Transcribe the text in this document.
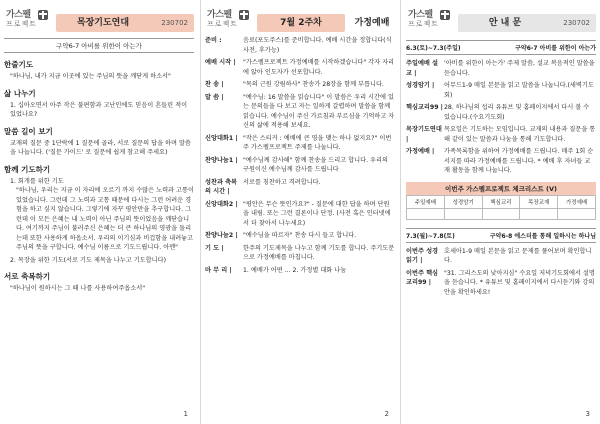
가스펠
프로젝트	목장기도연대	230702
구약6-7 아비를 위한이 아는가
한줄기도
"하나님, 내가 지금 이곳에 있는 주님의 뜻을 깨닫게 하소서"
삶 나누기
1. 십아오면서 아주 작은 불편함과 고난인에도 믿음이 흔들린 적이 있었나요?
말씀 길이 보기
교재의 질문 중 1단락에 1 질문에 골라, 서로 질문의 답을 하며 말씀을 나눕니다. ('질문 가이드' 로 질문에 쉽게 참고해 주세요)
함께 기도하기
1. 회개를 위한 기도
"하나님, 우리는 지금 이 자리에 오르기 까지 수많은 노력과 고통이 있었습니다. 그런데 그 노력과 고통 때문에 다시는 그런 어려운 경험을 하고 싶지 않습니다. 그렇기에 자꾸 평안만을 추구합니다. 그런데 이 모든 은혜는 내 노력이 아닌 주님의 뜻이었음을 깨닫습니다. 여기까지 주님이 불러주신 은혜는 더 큰 하나님의 영광을 돌리는데 또한 사용하게 하옵소서. 우리의 이기심과 비겁함을 내려놓고 주님의 뜻을 구합니다. 예수님 이름으로 기도드립니다. 아멘"
2. 목장을 위한 기도(서로 기도 제목을 나누고 기도합니다)
서로 축복하기
"하나님이 원하시는 그 때 나를 사용하여주옵소서"
1
가스펠
프로젝트	7월 2주차	가정예배
준비 :	음료(포도주스)를 준비합니다. 예배 시간을 정합니다(식사전, 후가능)
예배 시작 |	"가스펠프로젝트 가정예배를 시작하겠습니다" 각자 자리에 앉아 인도자가 선포합니다.
찬 송 |	"목의 근원 강림하사" 찬송가 28장을 함께 부릅니다.
말 씀 |	"예수님: 16 말씀을 읽습니다" 이 말씀은 우리 시간에 있는 문의들을 다 보고 자는 일하게 갈렵하며 말씀을 함께 읽습니다. 예수님이 주신 가르침과 부르심을 기억하고 자신의 삶에 적용해 보세요.
신앙대화1 | "작은 스티커 : 예배에 큰 영을 맺는 하나 없지요?" 이번 주 가스펠프로젝트 주제를 나눕니다.
찬양나눔1 | "예수님께 감사해" 함께 찬송을 드리고 합니다. 우리의 구원이신 예수님께 감사를 드립니다
성찬과 축복의 시간 |
서로를 칭찬하고 격려합니다.
신앙대화2 | "평안은 무슨 뜻인가요?" - 질문에 대한 답을 하며 단원을 내림. 또는 그런 결론이나 단정. (사전 혹은 인터넷에서 더 찾아서 나누세요)
찬양나눔2 | "예수님을 따르자" 찬송 다시 들고 합니다.
기 도 |	한주의 기도제목을 나누고 함께 기도를 합니다. 주기도문으로 가정예배를 마칩니다.
마 무 리 |	1. 예배가 어떤 ... 2. 가정별 대화 나눔
2
가스펠
프로젝트	안 내 문	230702
6.3(토)~7.3(주일)	구약6-7 아비를 위한이 아는가
주일예배 설교 |
'아비를 위한이 아는가' 주제 말씀, 설교 복음적인 말씀을 듣습니다.
성경암기 |	어무드1-9 매일 본문을 읽고 말씀을 나눕니다.(새벽기도회)
핵심교리99 | 28. 하나님의 섭리 유튜브 및 홈페이지에서 다시 볼 수 있습니다.(수요기도회)
목장기도연대 |
목요일은 기도하는 모임입니다. 교재의 내용과 질문을 통해 같이 있는 말씀과 나눔을 통해 기도합니다.
가정예배 |	가족목록함을 위하여 가정예배를 드립니다. 매주 1회 순서지를 따라 가정예배를 드립니다. * 예배 후 자녀들 교재 활동을 함께 나눕니다.
이번주 가스펠프로젝트 체크리스트 (V)
주일예배	성경암기	핵심교리	목장교재	가정예배

7.3(월)~7.8(토)	구약6-8 에스더를 통해 일하시는 하나님
이번주 성경읽기 |
호세아1-9 매일 본문을 읽고 문제를 풀어보며 확인합니다.
이번주 핵심교리99 |
"31. 그리스도의 낮아지심" 수요일 저녁기도회에서 설명을 듣습니다. * 유튜브 및 홈페이지에서 다시듣기와 강의안을 확인하세요!
3
